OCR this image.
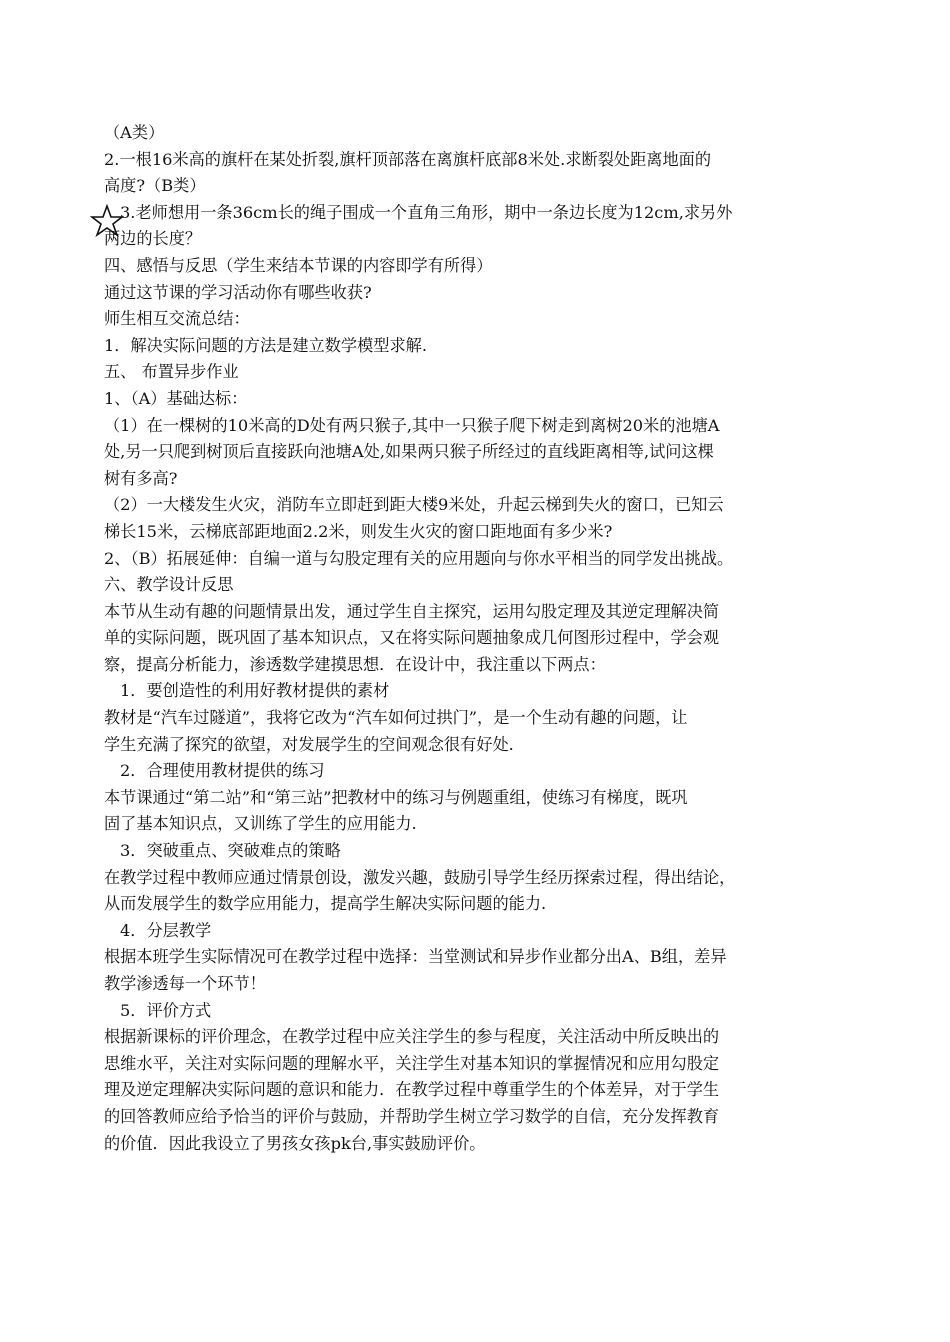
（A类）
2.一根16米高的旗杆在某处折裂,旗杆顶部落在离旗杆底部8米处.求断裂处距离地面的
高度?（B类）
3.老师想用一条36cm长的绳子围成一个直角三角形，期中一条边长度为12cm,求另外
两边的长度？
四、感悟与反思（学生来结本节课的内容即学有所得）
通过这节课的学习活动你有哪些收获?
师生相互交流总结：
1．解决实际问题的方法是建立数学模型求解.
五、 布置异步作业
1、（A）基础达标：
（1）在一棵树的10米高的D处有两只猴子,其中一只猴子爬下树走到离树20米的池塘A
处,另一只爬到树顶后直接跃向池塘A处,如果两只猴子所经过的直线距离相等,试问这棵
树有多高?
（2）一大楼发生火灾，消防车立即赶到距大楼9米处，升起云梯到失火的窗口，已知云
梯长15米，云梯底部距地面2.2米，则发生火灾的窗口距地面有多少米?
2、（B）拓展延伸：自编一道与勾股定理有关的应用题向与你水平相当的同学发出挑战。
六、教学设计反思
本节从生动有趣的问题情景出发，通过学生自主探究，运用勾股定理及其逆定理解决简
单的实际问题，既巩固了基本知识点，又在将实际问题抽象成几何图形过程中，学会观
察，提高分析能力，渗透数学建摸思想．在设计中，我注重以下两点：
1．要创造性的利用好教材提供的素材
教材是“汽车过隧道”，我将它改为“汽车如何过拱门”，是一个生动有趣的问题，让
学生充满了探究的欲望，对发展学生的空间观念很有好处.
2．合理使用教材提供的练习
本节课通过“第二站”和“第三站”把教材中的练习与例题重组，使练习有梯度，既巩
固了基本知识点，又训练了学生的应用能力.
3．突破重点、突破难点的策略
在教学过程中教师应通过情景创设，激发兴趣，鼓励引导学生经历探索过程，得出结论，
从而发展学生的数学应用能力，提高学生解决实际问题的能力.
4．分层教学
根据本班学生实际情况可在教学过程中选择：当堂测试和异步作业都分出A、B组，差异
教学渗透每一个环节！
5．评价方式
根据新课标的评价理念，在教学过程中应关注学生的参与程度，关注活动中所反映出的
思维水平，关注对实际问题的理解水平，关注学生对基本知识的掌握情况和应用勾股定
理及逆定理解决实际问题的意识和能力．在教学过程中尊重学生的个体差异，对于学生
的回答教师应给予恰当的评价与鼓励，并帮助学生树立学习数学的自信，充分发挥教育
的价值．因此我设立了男孩女孩pk台,事实鼓励评价。
